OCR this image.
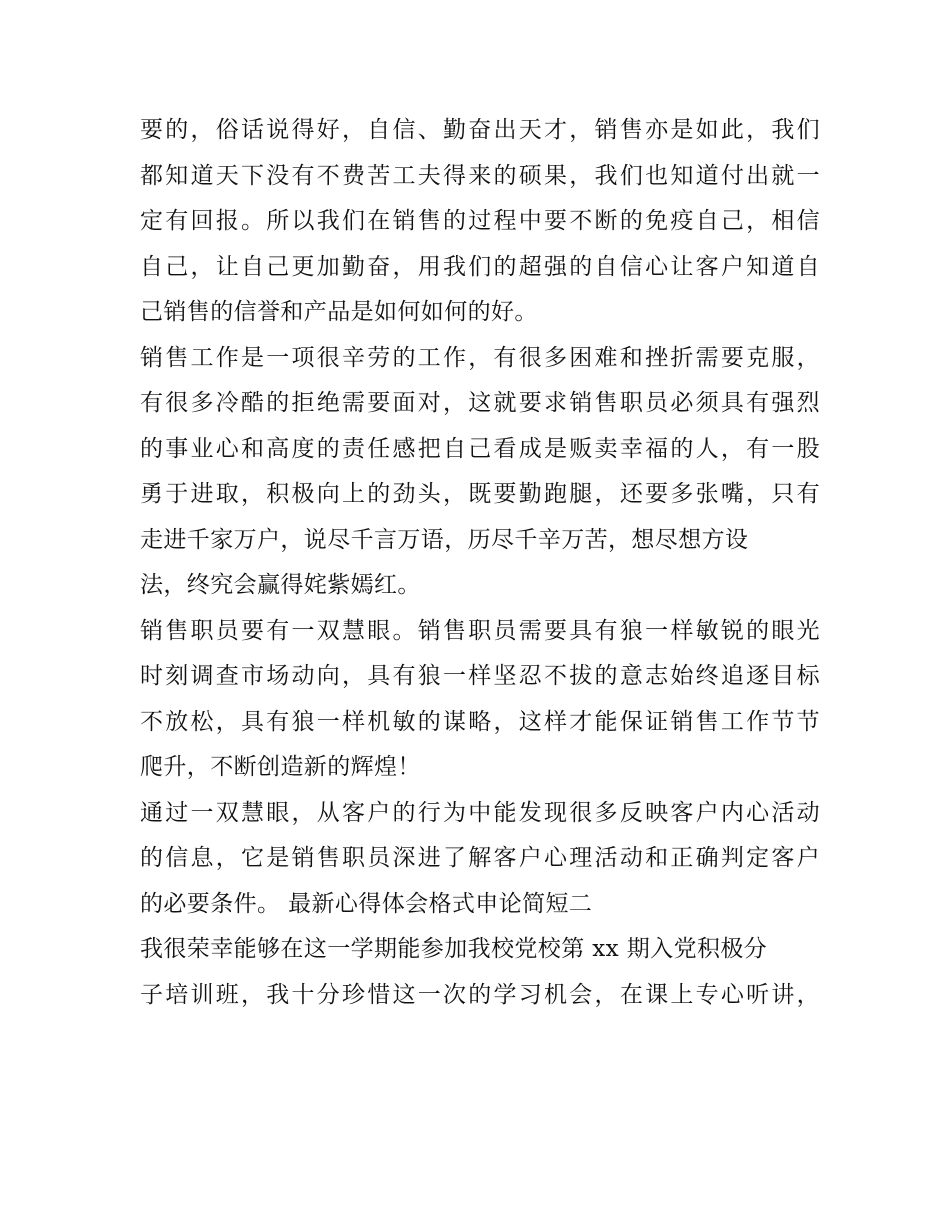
要的，俗话说得好，自信、勤奋出天才，销售亦是如此，我们
都知道天下没有不费苦工夫得来的硕果，我们也知道付出就一
定有回报。所以我们在销售的过程中要不断的免疫自己，相信
自己，让自己更加勤奋，用我们的超强的自信心让客户知道自
己销售的信誉和产品是如何如何的好。
销售工作是一项很辛劳的工作，有很多困难和挫折需要克服，
有很多冷酷的拒绝需要面对，这就要求销售职员必须具有强烈
的事业心和高度的责任感把自己看成是贩卖幸福的人，有一股
勇于进取，积极向上的劲头，既要勤跑腿，还要多张嘴，只有
走进千家万户，说尽千言万语，历尽千辛万苦，想尽想方设
法，终究会赢得姹紫嫣红。
销售职员要有一双慧眼。销售职员需要具有狼一样敏锐的眼光
时刻调查市场动向，具有狼一样坚忍不拔的意志始终追逐目标
不放松，具有狼一样机敏的谋略，这样才能保证销售工作节节
爬升，不断创造新的辉煌！
通过一双慧眼，从客户的行为中能发现很多反映客户内心活动
的信息，它是销售职员深进了解客户心理活动和正确判定客户
的必要条件。 最新心得体会格式申论简短二
我很荣幸能够在这一学期能参加我校党校第 xx 期入党积极分
子培训班，我十分珍惜这一次的学习机会，在课上专心听讲，
